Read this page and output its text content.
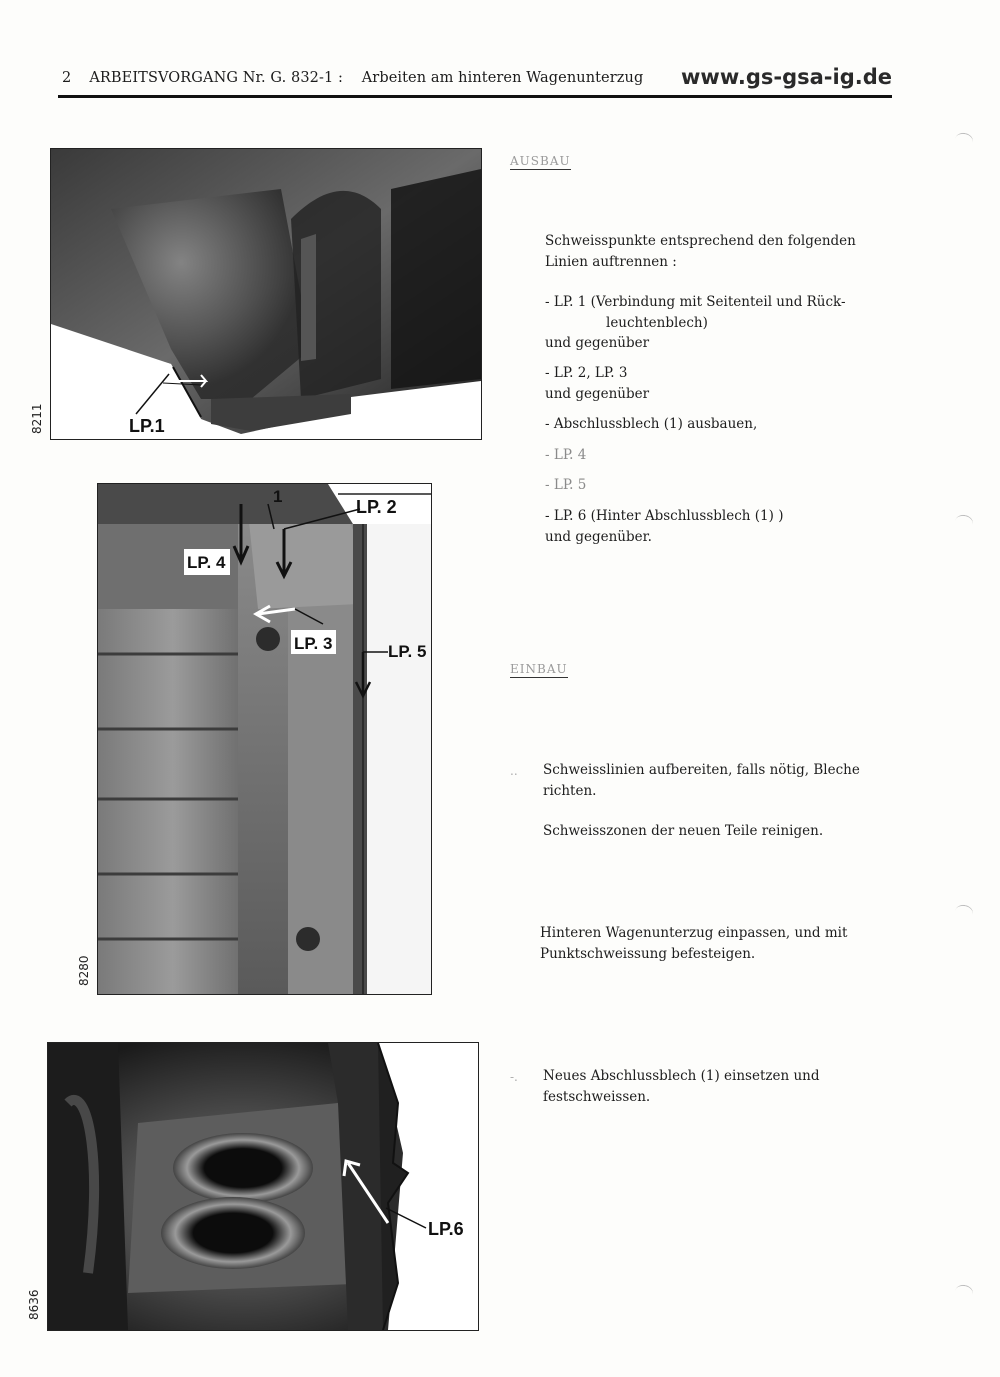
2 ARBEITSVORGANG Nr. G. 832-1 : Arbeiten am hinteren Wagenunterzug www.gs-gsa-ig.de
LP.1
8211
1
LP. 2
LP. 4
LP. 3	LP. 5
8280
LP.6
8636
AUSBAU

Schweisspunkte entsprechend den folgenden

Linien auftrennen :

- LP. 1 (Verbindung mit Seitenteil und Rück-

leuchtenblech)

und gegenüber

- LP. 2, LP. 3

und gegenüber

- Abschlussblech (1) ausbauen,
- LP. 4
- LP. 5

- LP. 6 (Hinter Abschlussblech (1) )

und gegenüber.

EINBAU
.. Schweisslinien aufbereiten, falls nötig, Bleche

richten.

Schweisszonen der neuen Teile reinigen.

Hinteren Wagenunterzug einpassen, und mit

Punktschweissung befesteigen.

-. Neues Abschlussblech (1) einsetzen und

festschweissen.
